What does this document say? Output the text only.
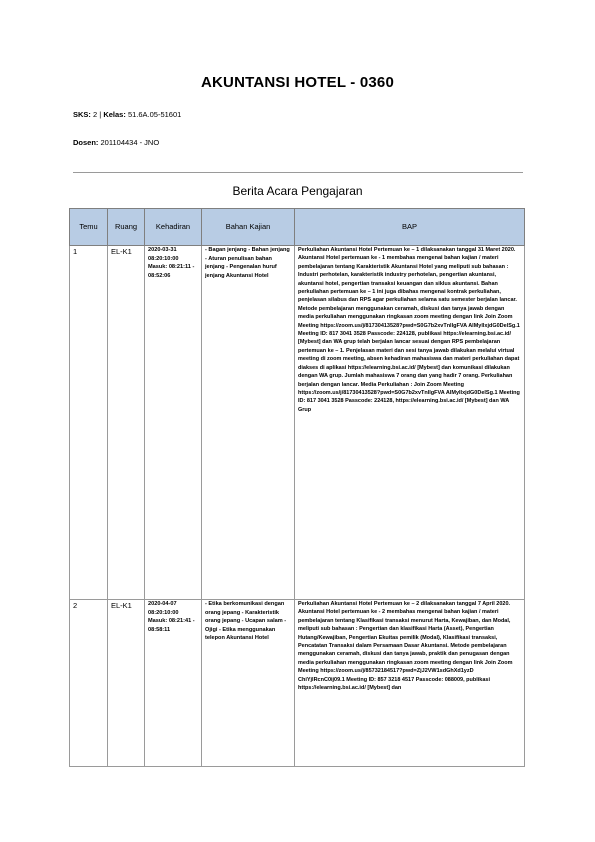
AKUNTANSI HOTEL - 0360
SKS: 2 | Kelas: 51.6A.05-51601
Dosen: 201104434 - JNO
Berita Acara Pengajaran
Temu	Ruang	Kehadiran	Bahan Kajian	BAP
1	EL-K1	2020-03-31 08:20:10:00 Masuk: 08:21:11 - 08:52:06	- Bagan jenjang - Bahan jenjang - Aturan penulisan bahan jenjang - Pengenalan huruf jenjang Akuntansi Hotel	Perkuliahan Akuntansi Hotel Pertemuan ke – 1 dilaksanakan tanggal 31 Maret 2020. Akuntansi Hotel pertemuan ke - 1 membahas mengenai bahan kajian / materi pembelajaran tentang Karakteristik Akuntansi Hotel yang meliputi sub bahasan : Industri perhotelan, karakteristik industry perhotelan, pengertian akuntansi, akuntansi hotel, pengertian transaksi keuangan dan siklus akuntansi. Bahan perkuliahan pertemuan ke – 1 ini juga dibahas mengenai kontrak perkuliahan, penjelasan silabus dan RPS agar perkuliahan selama satu semester berjalan lancar. Metode pembelajaran menggunakan ceramah, diskusi dan tanya jawab dengan media perkuliahan menggunakan ringkasan zoom meeting dengan link Join Zoom Meeting https://zoom.us/j/81730413528?pwd=S0G7b2xvTnllgFVA AlMyllxjdG0DelSg.1 Meeting ID: 817 3041 3528 Passcode: 224128, publikasi https://elearning.bsi.ac.id/ [Mybest] dan WA grup telah berjalan lancar sesuai dengan RPS pembelajaran pertemuan ke – 1. Penjelasan materi dan sesi tanya jawab dilakukan melalui virtual meeting di zoom meeting, absen kehadiran mahasiswa dan materi perkuliahan dapat diakses di aplikasi https://elearning.bsi.ac.id/ [Mybest] dan komunikasi dilakukan dengan WA grup. Jumlah mahasiswa 7 orang dan yang hadir 7 orang. Perkuliahan berjalan dengan lancar. Media Perkuliahan : Join Zoom Meeting https://zoom.us/j/81730413528?pwd=S0G7b2xvTnllgFVA AlMyllxjdG0DelSg.1 Meeting ID: 817 3041 3528 Passcode: 224128, https://elearning.bsi.ac.id/ [Mybest] dan WA Grup

2	EL-K1	2020-04-07 08:20:10:00 Masuk: 08:21:41 - 08:58:11	- Etika berkomunikasi dengan orang jepang - Karakteristik orang jepang - Ucapan salam - Ojigi - Etika menggunakan telepon Akuntansi Hotel	Perkuliahan Akuntansi Hotel Pertemuan ke – 2 dilaksanakan tanggal 7 April 2020. Akuntansi Hotel pertemuan ke - 2 membahas mengenai bahan kajian / materi pembelajaran tentang Klasifikasi transaksi menurut Harta, Kewajiban, dan Modal, meliputi sub bahasan : Pengertian dan klasifikasi Harta (Asset), Pengertian Hutang/Kewajiban, Pengertian Ekuitas pemilik (Modal), Klasifikasi transaksi, Pencatatan Transaksi dalam Persamaan Dasar Akuntansi. Metode pembelajaran menggunakan ceramah, diskusi dan tanya jawab, praktik dan penugasan dengan media perkuliahan menggunakan ringkasan zoom meeting dengan link Join Zoom Meeting https://zoom.us/j/85732184517?pwd=ZjJ2VW1sdGhXd1yzD ChiYjlRcnC0ij09.1 Meeting ID: 857 3218 4517 Passcode: 088009, publikasi https://elearning.bsi.ac.id/ [Mybest] dan
